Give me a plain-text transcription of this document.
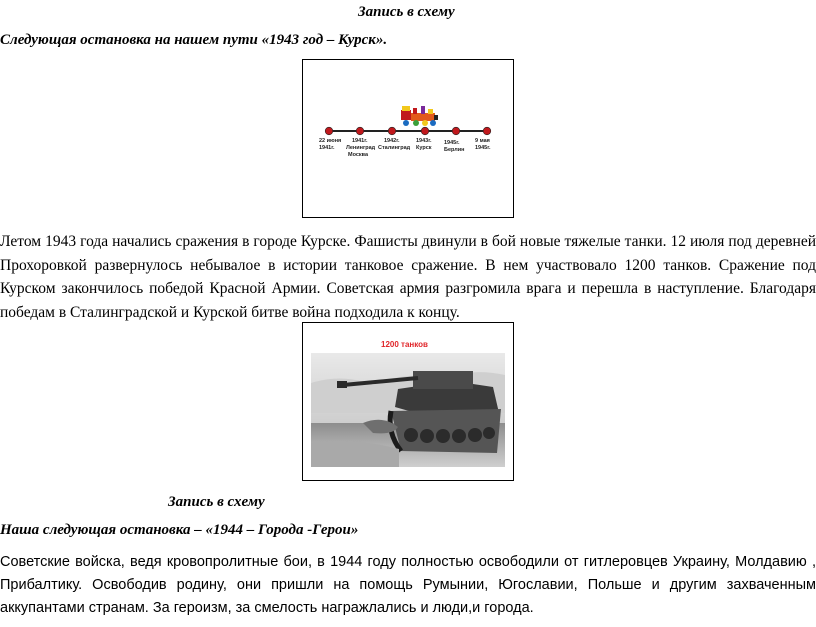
Запись в схему
Следующая остановка на нашем пути «1943 год – Курск».
22 июня
1941г.
1941г.
Ленинград
Москва
1942г.
Сталинград
1943г.
Курск
1945г.
Берлин
9 мая
1945г.
Летом 1943 года начались сражения в городе Курске. Фашисты двинули в бой новые тяжелые танки. 12 июля под деревней Прохоровкой развернулось небывалое в истории танковое сражение. В нем участвовало 1200 танков. Сражение под Курском закончилось победой Красной Армии. Советская армия разгромила врага и перешла в наступление. Благодаря победам в Сталинградской и Курской битве война подходила к концу.
1200 танков
Запись в схему
Наша следующая остановка – «1944 – Города -Герои»
Советские войска, ведя кровопролитные бои, в 1944 году полностью освободили от гитлеровцев Украину, Молдавию , Прибалтику. Освободив родину, они пришли на помощь Румынии, Югославии, Польше и другим захваченным аккупантами странам. За героизм, за смелость награжлались и люди,и города.
